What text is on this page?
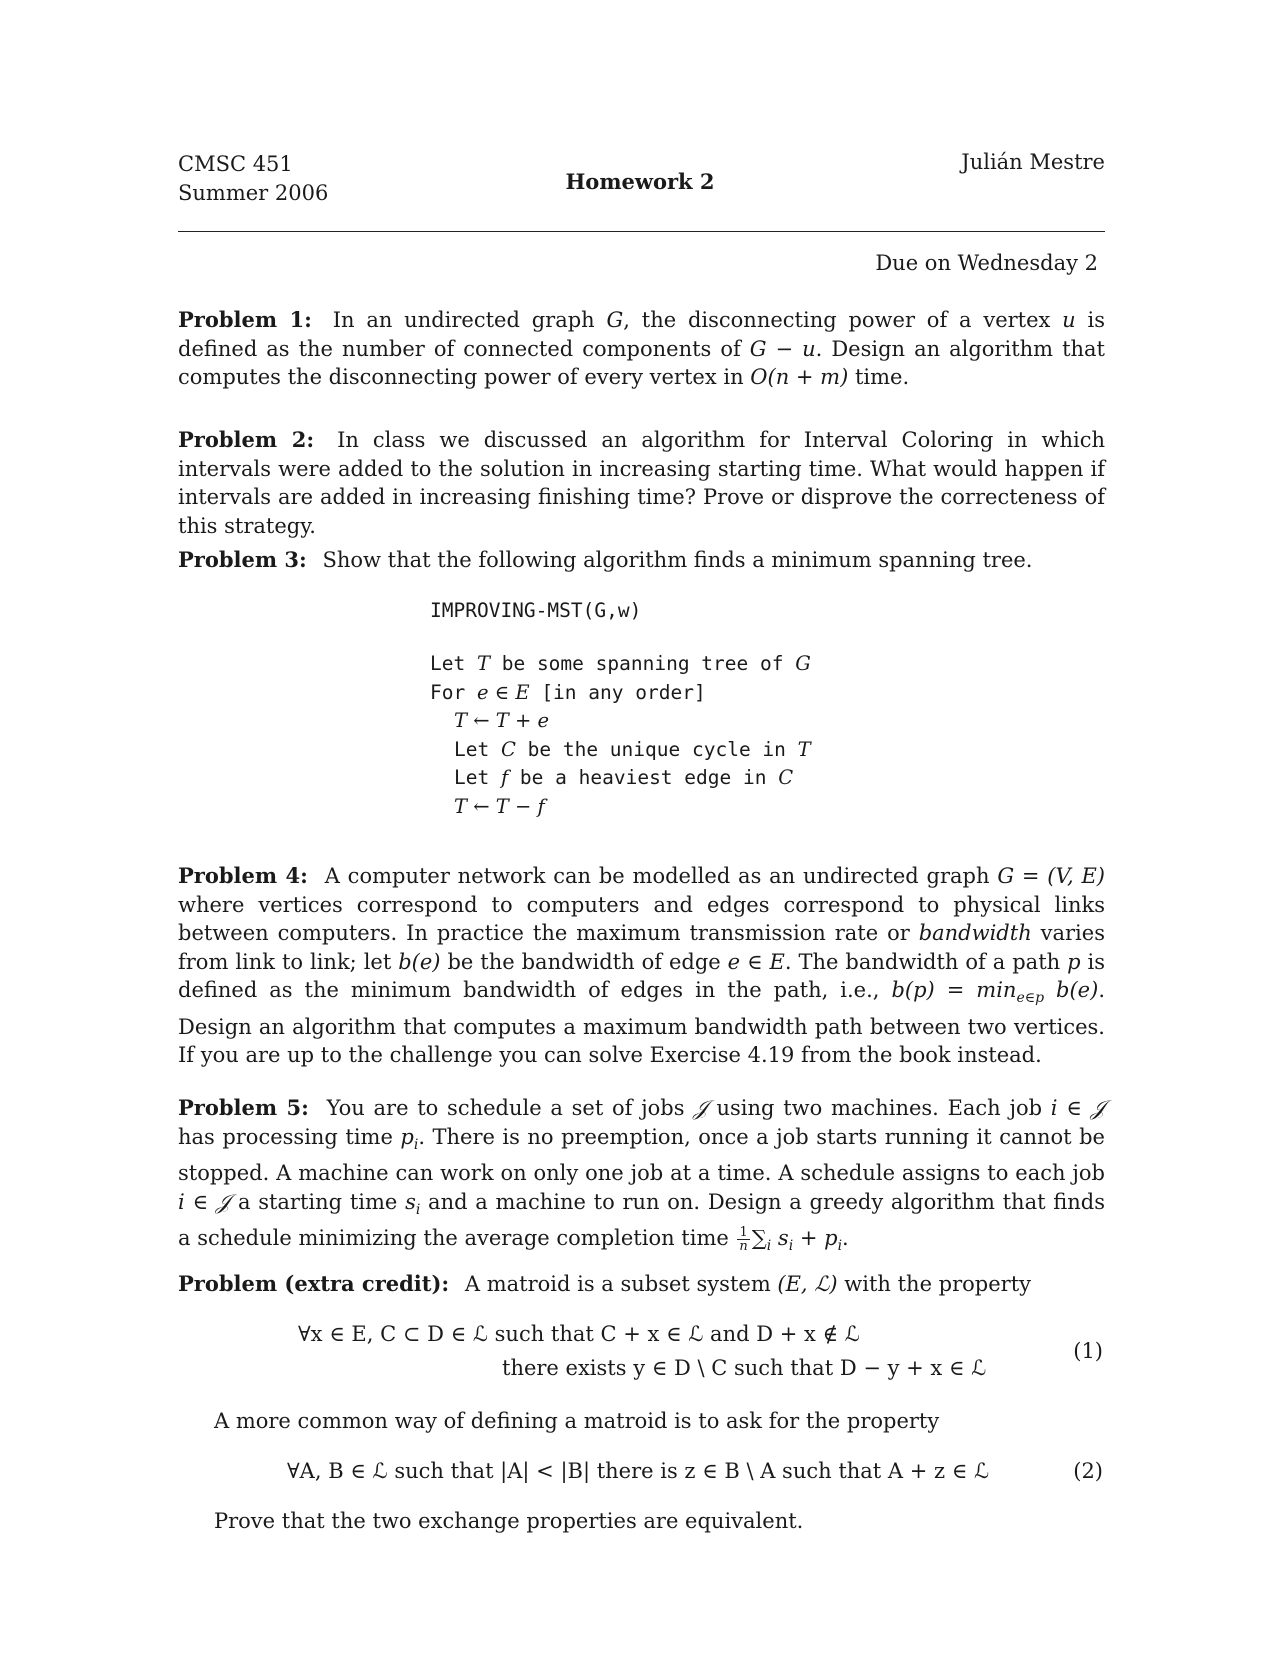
CMSC 451
Summer 2006	Homework 2
Julián Mestre
Due on Wednesday 2
Problem 1: In an undirected graph G, the disconnecting power of a vertex u is defined as the number of connected components of G − u. Design an algorithm that computes the disconnecting power of every vertex in O(n + m) time.
Problem 2: In class we discussed an algorithm for Interval Coloring in which intervals were added to the solution in increasing starting time. What would happen if intervals are added in increasing finishing time? Prove or disprove the correcteness of this strategy.
Problem 3: Show that the following algorithm finds a minimum spanning tree.
IMPROVING-MST(G,w)
Let T be some spanning tree of G
For e ∈ E [in any order]
T ← T + e
Let C be the unique cycle in T
Let f be a heaviest edge in C
T ← T − f
Problem 4: A computer network can be modelled as an undirected graph G = (V, E) where vertices correspond to computers and edges correspond to physical links between computers. In practice the maximum transmission rate or bandwidth varies from link to link; let b(e) be the bandwidth of edge e ∈ E. The bandwidth of a path p is defined as the minimum bandwidth of edges in the path, i.e., $b(p) = \min_{e\in p} b(e)$. Design an algorithm that computes a maximum bandwidth path between two vertices. If you are up to the challenge you can solve Exercise 4.19 from the book instead.
Problem 5: You are to schedule a set of jobs 𝒥 using two machines. Each job i ∈ 𝒥 has processing time $p_i$. There is no preemption, once a job starts running it cannot be stopped. A machine can work on only one job at a time. A schedule assigns to each job i ∈ 𝒥 a starting time $s_i$ and a machine to run on. Design a greedy algorithm that finds a schedule minimizing the average completion time $\frac{1}{n} \sum_i$ $s_i + p_i$.
Problem (extra credit): A matroid is a subset system (E, ℒ) with the property
∀x ∈ E, C ⊂ D ∈ ℒ such that C + x ∈ ℒ and D + x ∉ ℒ
there exists y ∈ D \ C such that D − y + x ∈ ℒ
(1)
A more common way of defining a matroid is to ask for the property
∀A, B ∈ ℒ such that |A| < |B| there is z ∈ B \ A such that A + z ∈ ℒ	(2)
Prove that the two exchange properties are equivalent.
